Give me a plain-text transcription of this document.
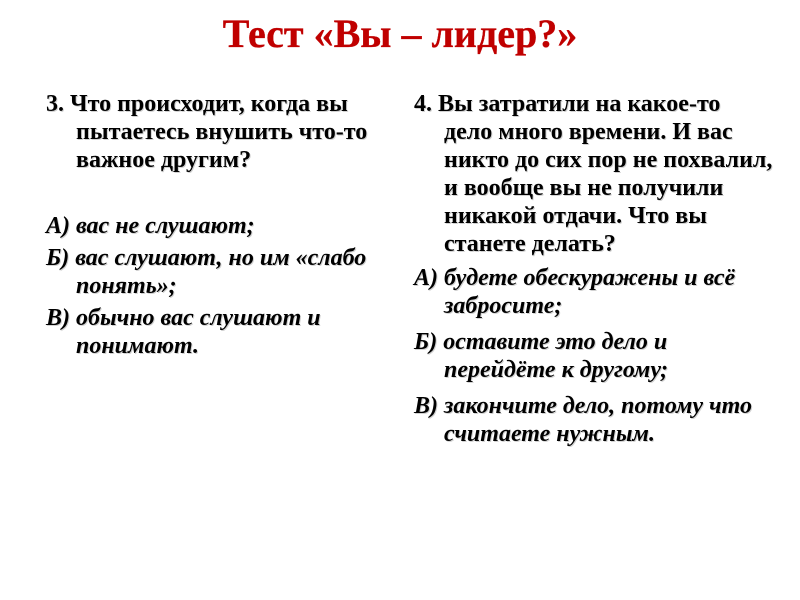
Тест «Вы – лидер?»

3. Что происходит, когда вы пытаетесь внушить что-то важное другим?

А) вас не слушают;
Б) вас слушают, но им «слабо понять»;
В) обычно вас слушают и понимают.

4. Вы затратили на какое-то дело много времени. И вас никто до сих пор не похвалил, и вообще вы не получили никакой отдачи. Что вы станете делать?

А) будете обескуражены и всё забросите;
Б) оставите это дело и перейдёте к другому;
В) закончите дело, потому что считаете нужным.
